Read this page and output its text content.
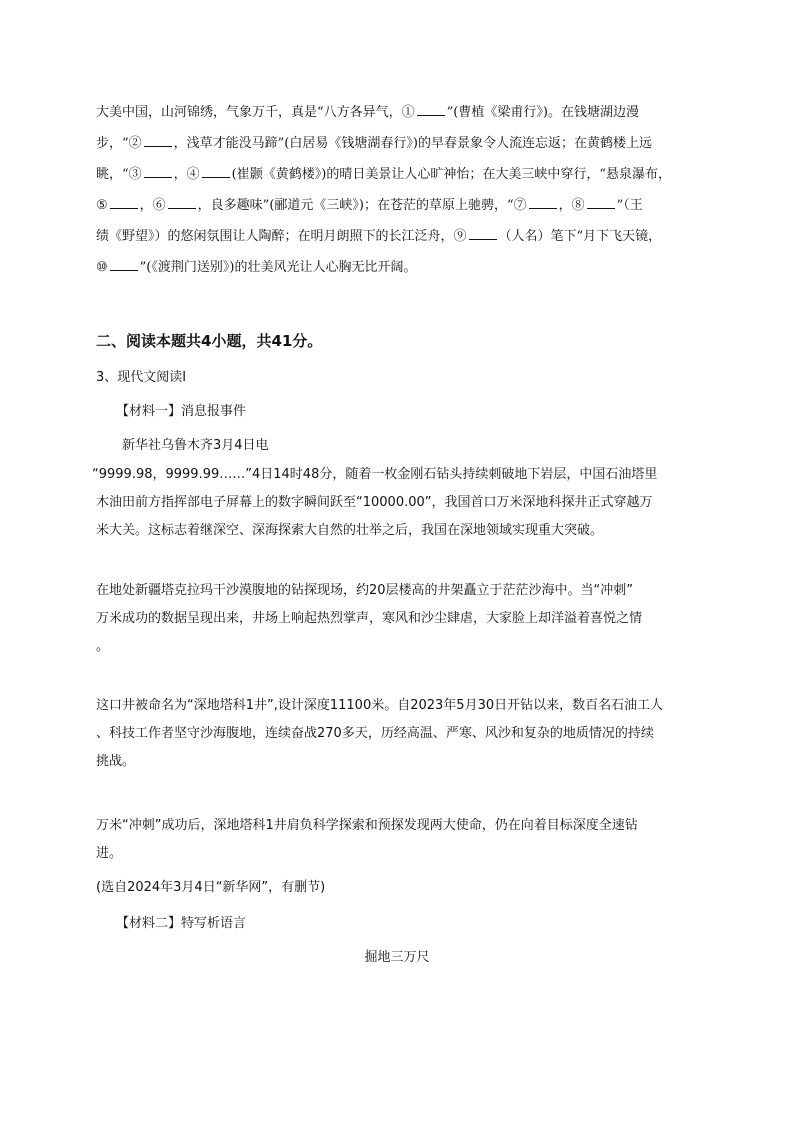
大美中国，山河锦绣，气象万千，真是“八方各异气，① ”(曹植《梁甫行》)。在钱塘湖边漫
步，“② ，浅草才能没马蹄”(白居易《钱塘湖春行》)的早春景象令人流连忘返；在黄鹤楼上远
眺，“③ ，④ (崔颢《黄鹤楼》)的晴日美景让人心旷神怡；在大美三峡中穿行，“悬泉瀑布，
⑤ ，⑥ ，良多趣味”(郦道元《三峡》)；在苍茫的草原上驰骋，“⑦ ，⑧ ”（王
绩《野望》）的悠闲氛围让人陶醉；在明月朗照下的长江泛舟，⑨ （人名）笔下“月下飞天镜，
⑩ ”(《渡荆门送别》)的壮美风光让人心胸无比开阔。
二、阅读本题共4小题，共41分。
3、现代文阅读I
【材料一】消息报事件
新华社乌鲁木齐3月4日电
“9999.98，9999.99……”4日14时48分，随着一枚金刚石钻头持续刺破地下岩层，中国石油塔里
木油田前方指挥部电子屏幕上的数字瞬间跃至“10000.00”，我国首口万米深地科探井正式穿越万
米大关。这标志着继深空、深海探索大自然的壮举之后，我国在深地领域实现重大突破。
在地处新疆塔克拉玛干沙漠腹地的钻探现场，约20层楼高的井架矗立于茫茫沙海中。当“冲刺”
万米成功的数据呈现出来，井场上响起热烈掌声，寒风和沙尘肆虐，大家脸上却洋溢着喜悦之情
。
这口井被命名为“深地塔科1井”,设计深度11100米。自2023年5月30日开钻以来，数百名石油工人
、科技工作者坚守沙海腹地，连续奋战270多天，历经高温、严寒、风沙和复杂的地质情况的持续
挑战。
万米“冲刺”成功后，深地塔科1井肩负科学探索和预探发现两大使命，仍在向着目标深度全速钻
进。
(选自2024年3月4日“新华网”，有删节)
【材料二】特写析语言
掘地三万尺
